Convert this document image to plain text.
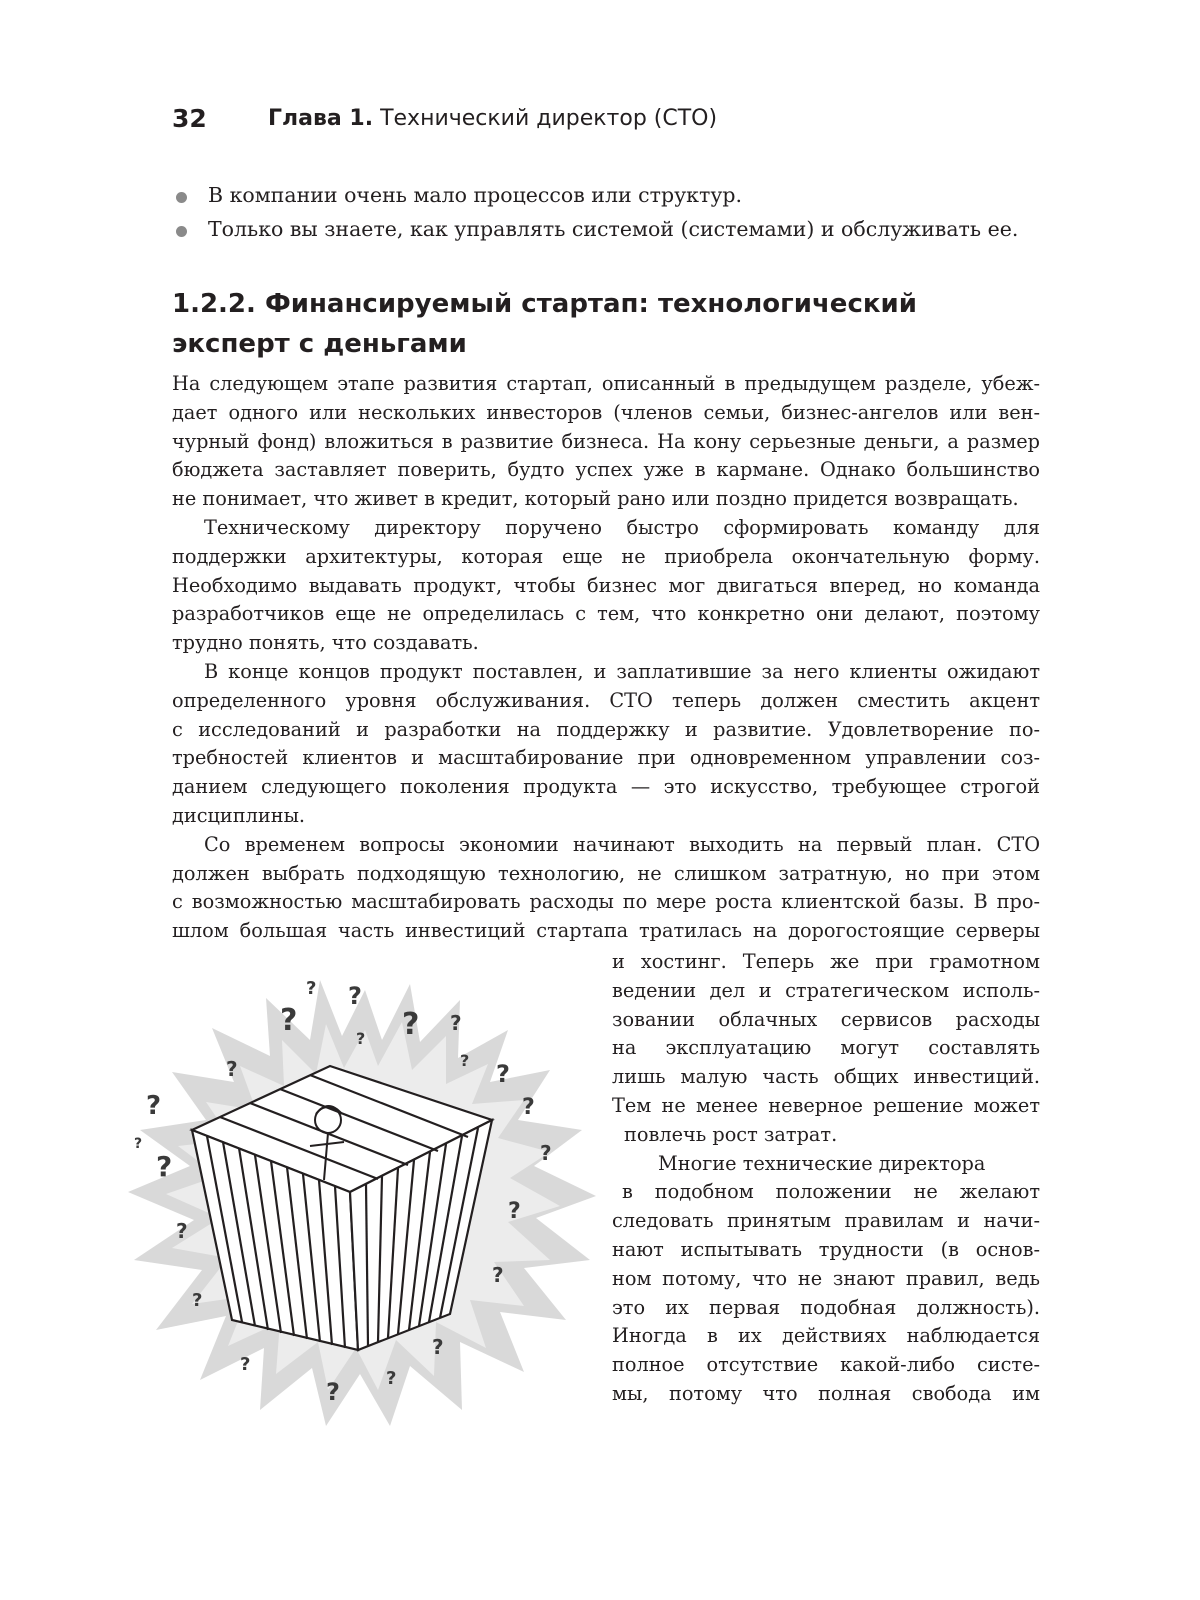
32	Глава 1. Технический директор (CTO)
В компании очень мало процессов или структур.
Только вы знаете, как управлять системой (системами) и обслуживать ее.
1.2.2. Финансируемый стартап: технологический
эксперт с деньгами
На следующем этапе развития стартап, описанный в предыдущем разделе, убеж-
дает одного или нескольких инвесторов (членов семьи, бизнес-ангелов или вен-
чурный фонд) вложиться в развитие бизнеса. На кону серьезные деньги, а размер
бюджета заставляет поверить, будто успех уже в кармане. Однако большинство
не понимает, что живет в кредит, который рано или поздно придется возвращать.
Техническому директору поручено быстро сформировать команду для
поддержки архитектуры, которая еще не приобрела окончательную форму.
Необходимо выдавать продукт, чтобы бизнес мог двигаться вперед, но команда
разработчиков еще не определилась с тем, что конкретно они делают, поэтому
трудно понять, что создавать.
В конце концов продукт поставлен, и заплатившие за него клиенты ожидают
определенного уровня обслуживания. CTO теперь должен сместить акцент
с исследований и разработки на поддержку и развитие. Удовлетворение по-
требностей клиентов и масштабирование при одновременном управлении соз-
данием следующего поколения продукта — это искусство, требующее строгой
дисциплины.
Со временем вопросы экономии начинают выходить на первый план. CTO
должен выбрать подходящую технологию, не слишком затратную, но при этом
с возможностью масштабировать расходы по мере роста клиентской базы. В про-
шлом большая часть инвестиций стартапа тратилась на дорогостоящие серверы
и хостинг. Теперь же при грамотном
ведении дел и стратегическом исполь-
зовании облачных сервисов расходы
на эксплуатацию могут составлять
лишь малую часть общих инвестиций.
Тем не менее неверное решение может
повлечь рост затрат.
Многие технические директора
в подобном положении не желают
следовать принятым правилам и начи-
нают испытывать трудности (в основ-
ном потому, что не знают правил, ведь
это их первая подобная должность).
Иногда в их действиях наблюдается
полное отсутствие какой-либо систе-
мы, потому что полная свобода им
?
?
?
? ?
?
?
?	?
?
?
?
?
?
?
?
?
?	?
?
?
?
